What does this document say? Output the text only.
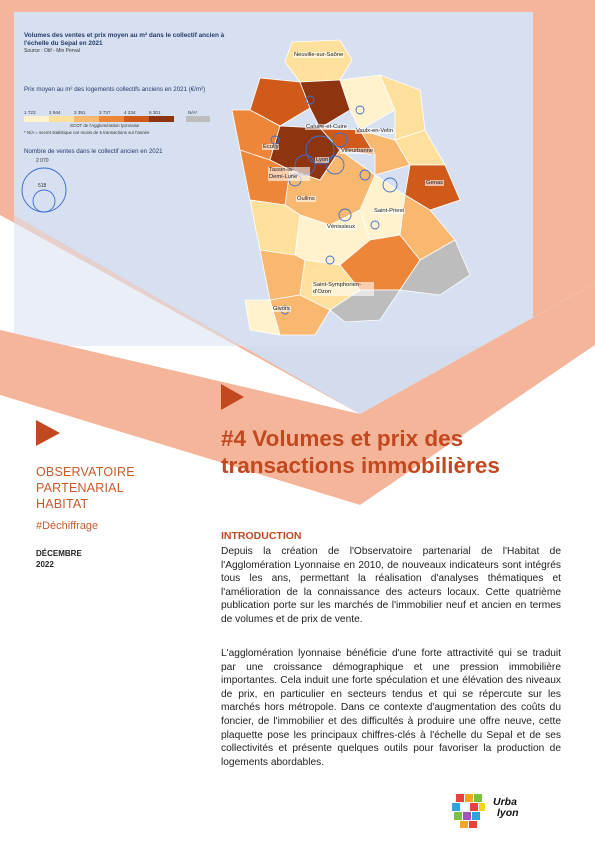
Volumes des ventes et prix moyen au m² dans le collectif ancien à l'échelle du Sepal en 2021
Source : Otif - Min Perval
Prix moyen au m² des logements collectifs anciens en 2021 (€/m²)
1 723	2 944	3 351	3 737	4 234	6 301	N/A*
SCOT de l'Agglomération lyonnaise
* N/A = secret statistique car moins de 5 transactions sur l'année
Nombre de ventes dans le collectif ancien en 2021
2 070
518
Neuville-sur-Saône
Caluire-et-Cuire
Vaulx-en-Velin
Écully
Villeurbanne
Lyon
Tassin-la-Demi-Lune
Genas
Oullins
Saint-Priest
Vénissieux
Saint-Symphorien-d'Ozon
Givors
OBSERVATOIRE
PARTENARIAL
HABITAT
#Déchiffrage
DÉCEMBRE
2022
#4 Volumes et prix des transactions immobilières
INTRODUCTION
Depuis la création de l'Observatoire partenarial de l'Habitat de l'Agglomération Lyonnaise en 2010, de nouveaux indicateurs sont intégrés tous les ans, permettant la réalisation d'analyses thématiques et l'amélioration de la connaissance des acteurs locaux. Cette quatrième publication porte sur les marchés de l'immobilier neuf et ancien en termes de volumes et de prix de vente.
L'agglomération lyonnaise bénéficie d'une forte attractivité qui se traduit par une croissance démographique et une pression immobilière importantes. Cela induit une forte spéculation et une élévation des niveaux de prix, en particulier en secteurs tendus et qui se répercute sur les marchés hors métropole. Dans ce contexte d'augmentation des coûts du foncier, de l'immobilier et des difficultés à produire une offre neuve, cette plaquette pose les principaux chiffres-clés à l'échelle du Sepal et de ses collectivités et présente quelques outils pour favoriser la production de logements abordables.
Urba
lyon
